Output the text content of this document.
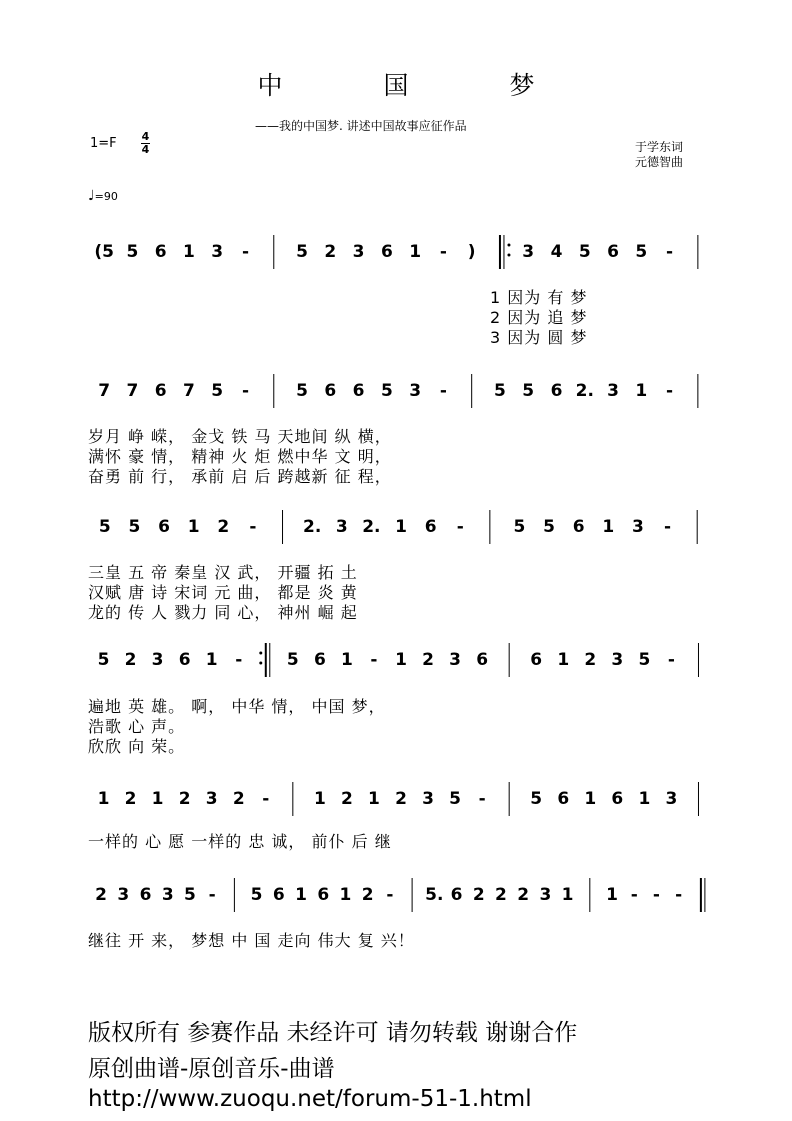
中　国　梦
——我的中国梦. 讲述中国故事应征作品
1=F 4
4	于学东词
元德智曲
♩=90
(5 5 6 1 3 -	5 2 3 6 1 - )	3 4 5 6 5 -
1 因为 有 梦
2 因为 追 梦
3 因为 圆 梦
7 7 6 7 5 -	5 6 6 5 3 -	5 5 6 2. 3 1 -
岁月 峥 嵘， 金戈 铁 马 天地间 纵 横，
满怀 豪 情， 精神 火 炬 燃中华 文 明，
奋勇 前 行， 承前 启 后 跨越新 征 程，
5 5 6 1 2 -	2. 3 2. 1 6 -	5 5 6 1 3 -
三皇 五 帝 秦皇 汉 武， 开疆 拓 土
汉赋 唐 诗 宋词 元 曲， 都是 炎 黄
龙的 传 人 戮力 同 心， 神州 崛 起
5 2 3 6 1 -	5 6 1 - 1 2 3 6 6 1 2 3 5 -
遍地 英 雄。 啊， 中华 情， 中国 梦，
浩歌 心 声。
欣欣 向 荣。
1 2 1 2 3 2 -	1 2 1 2 3 5 -	5 6 1 6 1 3
一样的 心 愿 一样的 忠 诚， 前仆 后 继
2 3 6 3 5 - 5 6 1 6 1 2 - 5. 6 2 2 2 3 1 1 - - -
继往 开 来， 梦想 中 国 走向 伟大 复 兴！
版权所有 参赛作品 未经许可 请勿转载 谢谢合作
原创曲谱-原创音乐-曲谱
http://www.zuoqu.net/forum-51-1.html
